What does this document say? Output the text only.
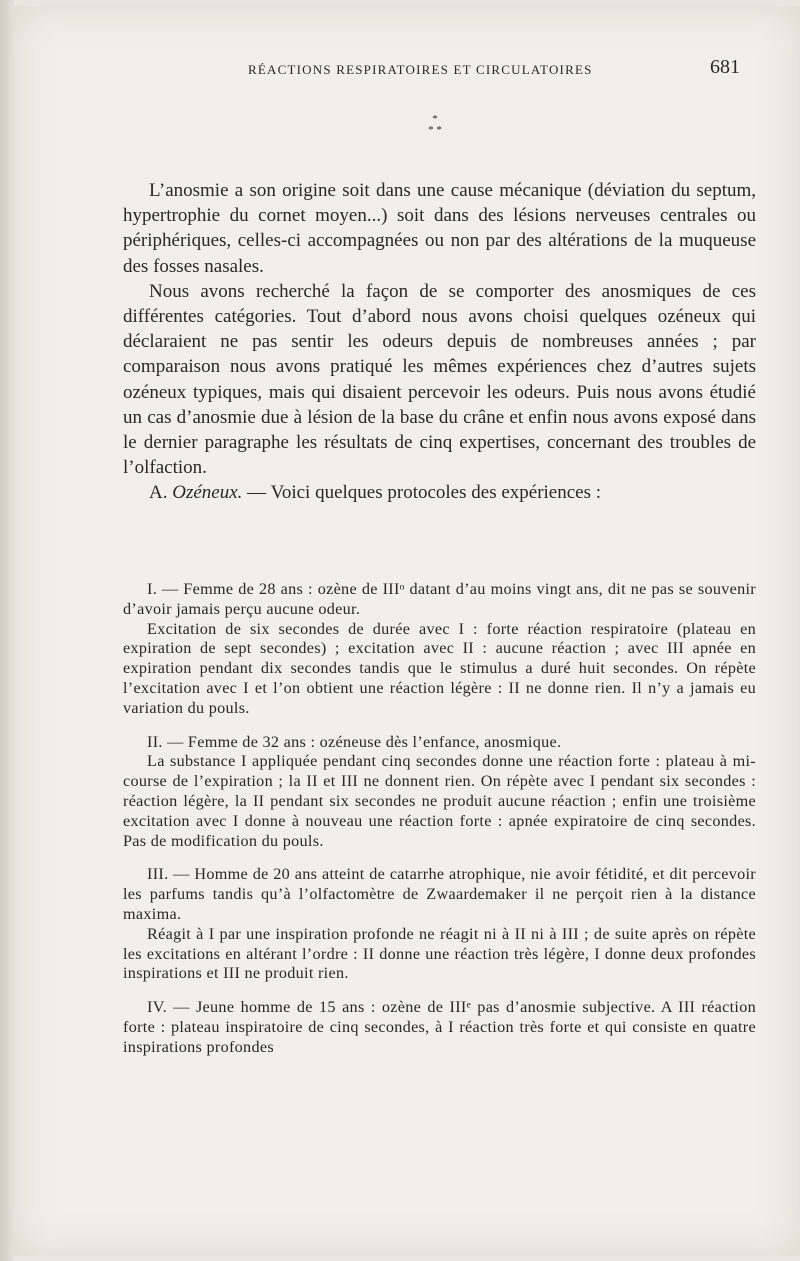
RÉACTIONS RESPIRATOIRES ET CIRCULATOIRES	681
*
* *

L’anosmie a son origine soit dans une cause mécanique (déviation du septum, hypertrophie du cornet moyen...) soit dans des lésions nerveuses centrales ou périphériques, celles-ci accompagnées ou non par des altérations de la muqueuse des fosses nasales.

Nous avons recherché la façon de se comporter des anosmiques de ces différentes catégories. Tout d’abord nous avons choisi quelques ozéneux qui déclaraient ne pas sentir les odeurs depuis de nombreuses années ; par comparaison nous avons pratiqué les mêmes expériences chez d’autres sujets ozéneux typiques, mais qui disaient percevoir les odeurs. Puis nous avons étudié un cas d’anosmie due à lésion de la base du crâne et enfin nous avons exposé dans le dernier paragraphe les résultats de cinq expertises, concernant des troubles de l’olfaction.

A. Ozéneux. — Voici quelques protocoles des expériences :

I. — Femme de 28 ans : ozène de IIIᵒ datant d’au moins vingt ans, dit ne pas se souvenir d’avoir jamais perçu aucune odeur.

Excitation de six secondes de durée avec I : forte réaction respiratoire (plateau en expiration de sept secondes) ; excitation avec II : aucune réaction ; avec III apnée en expiration pendant dix secondes tandis que le stimulus a duré huit secondes. On répète l’excitation avec I et l’on obtient une réaction légère : II ne donne rien. Il n’y a jamais eu variation du pouls.

II. — Femme de 32 ans : ozéneuse dès l’enfance, anosmique.

La substance I appliquée pendant cinq secondes donne une réaction forte : plateau à mi-course de l’expiration ; la II et III ne donnent rien. On répète avec I pendant six secondes : réaction légère, la II pendant six secondes ne produit aucune réaction ; enfin une troisième excitation avec I donne à nouveau une réaction forte : apnée expiratoire de cinq secondes. Pas de modification du pouls.

III. — Homme de 20 ans atteint de catarrhe atrophique, nie avoir fétidité, et dit percevoir les parfums tandis qu’à l’olfactomètre de Zwaardemaker il ne perçoit rien à la distance maxima.

Réagit à I par une inspiration profonde ne réagit ni à II ni à III ; de suite après on répète les excitations en altérant l’ordre : II donne une réaction très légère, I donne deux profondes inspirations et III ne produit rien.

IV. — Jeune homme de 15 ans : ozène de IIIᵉ pas d’anosmie subjective. A III réaction forte : plateau inspiratoire de cinq secondes, à I réaction très forte et qui consiste en quatre inspirations profondes
